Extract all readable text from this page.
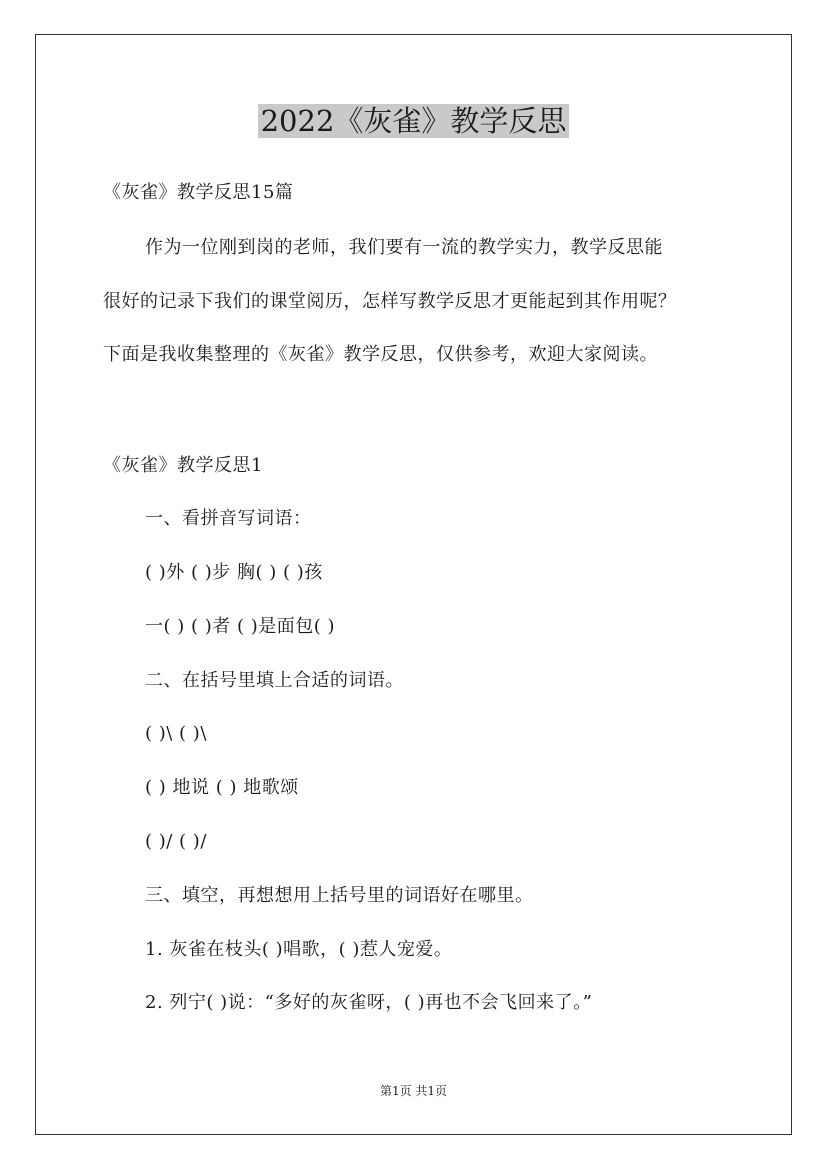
2022《灰雀》教学反思
《灰雀》教学反思15篇
作为一位刚到岗的老师，我们要有一流的教学实力，教学反思能
很好的记录下我们的课堂阅历，怎样写教学反思才更能起到其作用呢？
下面是我收集整理的《灰雀》教学反思，仅供参考，欢迎大家阅读。
《灰雀》教学反思1
一、看拼音写词语：
( )外 ( )步 胸( ) ( )孩
一( ) ( )者 ( )是面包( )
二、在括号里填上合适的词语。
( )\ ( )\
( ) 地说 ( ) 地歌颂
( )/ ( )/
三、填空，再想想用上括号里的词语好在哪里。
1. 灰雀在枝头( )唱歌，( )惹人宠爱。
2. 列宁( )说：“多好的灰雀呀，( )再也不会飞回来了。”
第1页 共1页
